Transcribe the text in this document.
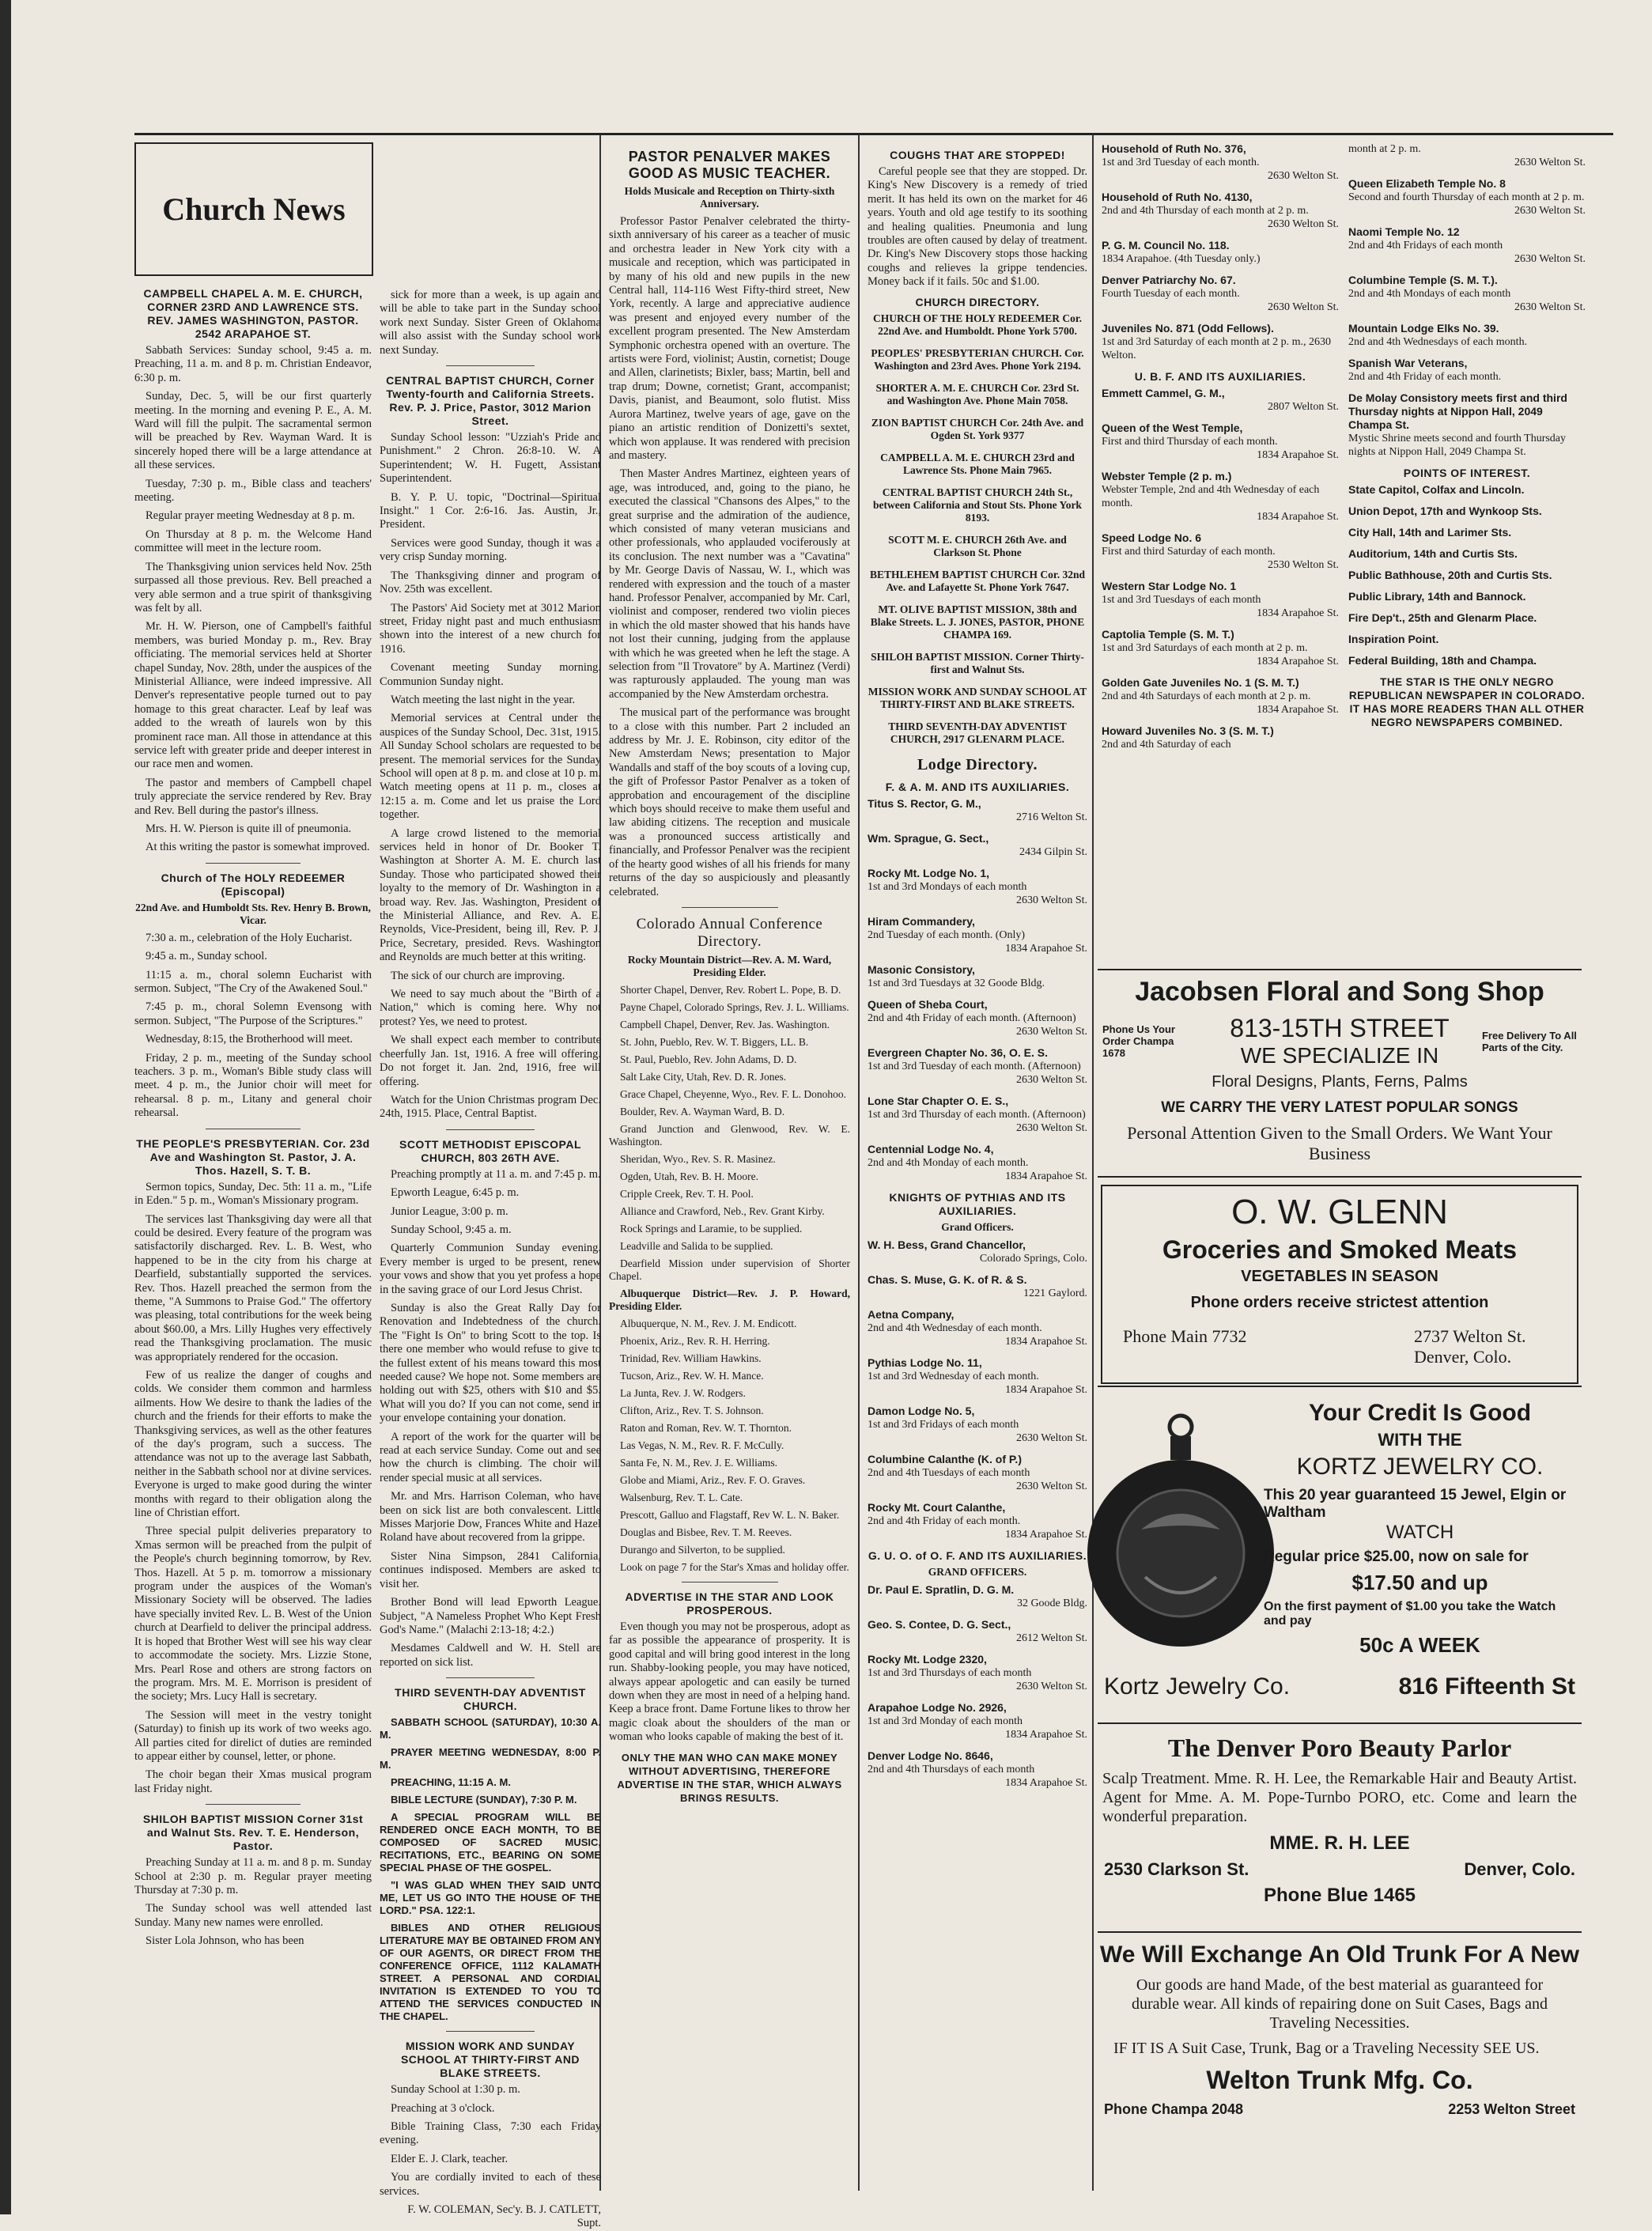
Church News
CAMPBELL CHAPEL A. M. E. CHURCH, CORNER 23RD AND LAWRENCE STS. REV. JAMES WASHINGTON, PASTOR. 2542 ARAPAHOE ST.

Sabbath Services: Sunday school, 9:45 a. m. Preaching, 11 a. m. and 8 p. m. Christian Endeavor, 6:30 p. m.

Sunday, Dec. 5, will be our first quarterly meeting. In the morning and evening P. E., A. M. Ward will fill the pulpit. The sacramental sermon will be preached by Rev. Wayman Ward. It is sincerely hoped there will be a large attendance at all these services.

Tuesday, 7:30 p. m., Bible class and teachers' meeting.

Regular prayer meeting Wednesday at 8 p. m.

On Thursday at 8 p. m. the Welcome Hand committee will meet in the lecture room.

The Thanksgiving union services held Nov. 25th surpassed all those previous. Rev. Bell preached a very able sermon and a true spirit of thanksgiving was felt by all.

Mr. H. W. Pierson, one of Campbell's faithful members, was buried Monday p. m., Rev. Bray officiating. The memorial services held at Shorter chapel Sunday, Nov. 28th, under the auspices of the Ministerial Alliance, were indeed impressive. All Denver's representative people turned out to pay homage to this great character. Leaf by leaf was added to the wreath of laurels won by this prominent race man. All those in attendance at this service left with greater pride and deeper interest in our race men and women.

The pastor and members of Campbell chapel truly appreciate the service rendered by Rev. Bray and Rev. Bell during the pastor's illness.

Mrs. H. W. Pierson is quite ill of pneumonia.

At this writing the pastor is somewhat improved.

Church of The HOLY REDEEMER (Episcopal)
22nd Ave. and Humboldt Sts. Rev. Henry B. Brown, Vicar.

7:30 a. m., celebration of the Holy Eucharist.

9:45 a. m., Sunday school.

11:15 a. m., choral solemn Eucharist with sermon. Subject, "The Cry of the Awakened Soul."

7:45 p. m., choral Solemn Evensong with sermon. Subject, "The Purpose of the Scriptures."

Wednesday, 8:15, the Brotherhood will meet.

Friday, 2 p. m., meeting of the Sunday school teachers. 3 p. m., Woman's Bible study class will meet. 4 p. m., the Junior choir will meet for rehearsal. 8 p. m., Litany and general choir rehearsal.

THE PEOPLE'S PRESBYTERIAN. Cor. 23d Ave and Washington St. Pastor, J. A. Thos. Hazell, S. T. B.

Sermon topics, Sunday, Dec. 5th: 11 a. m., "Life in Eden." 5 p. m., Woman's Missionary program.

The services last Thanksgiving day were all that could be desired. Every feature of the program was satisfactorily discharged. Rev. L. B. West, who happened to be in the city from his charge at Dearfield, substantially supported the services. Rev. Thos. Hazell preached the sermon from the theme, "A Summons to Praise God." The offertory was pleasing, total contributions for the week being about $60.00, a Mrs. Lilly Hughes very effectively read the Thanksgiving proclamation. The music was appropriately rendered for the occasion.

Few of us realize the danger of coughs and colds. We consider them common and harmless ailments. How We desire to thank the ladies of the church and the friends for their efforts to make the Thanksgiving services, as well as the other features of the day's program, such a success. The attendance was not up to the average last Sabbath, neither in the Sabbath school nor at divine services. Everyone is urged to make good during the winter months with regard to their obligation along the line of Christian effort.

Three special pulpit deliveries preparatory to Xmas sermon will be preached from the pulpit of the People's church beginning tomorrow, by Rev. Thos. Hazell. At 5 p. m. tomorrow a missionary program under the auspices of the Woman's Missionary Society will be observed. The ladies have specially invited Rev. L. B. West of the Union church at Dearfield to deliver the principal address. It is hoped that Brother West will see his way clear to accommodate the society. Mrs. Lizzie Stone, Mrs. Pearl Rose and others are strong factors on the program. Mrs. M. E. Morrison is president of the society; Mrs. Lucy Hall is secretary.

The Session will meet in the vestry tonight (Saturday) to finish up its work of two weeks ago. All parties cited for direlict of duties are reminded to appear either by counsel, letter, or phone.

The choir began their Xmas musical program last Friday night.

SHILOH BAPTIST MISSION Corner 31st and Walnut Sts. Rev. T. E. Henderson, Pastor.

Preaching Sunday at 11 a. m. and 8 p. m. Sunday School at 2:30 p. m. Regular prayer meeting Thursday at 7:30 p. m.

The Sunday school was well attended last Sunday. Many new names were enrolled.

Sister Lola Johnson, who has been

sick for more than a week, is up again and will be able to take part in the Sunday school work next Sunday. Sister Green of Oklahoma will also assist with the Sunday school work next Sunday.

CENTRAL BAPTIST CHURCH, Corner Twenty-fourth and California Streets. Rev. P. J. Price, Pastor, 3012 Marion Street.

Sunday School lesson: "Uzziah's Pride and Punishment." 2 Chron. 26:8-10. W. A Superintendent; W. H. Fugett, Assistant Superintendent.

B. Y. P. U. topic, "Doctrinal—Spiritual Insight." 1 Cor. 2:6-16. Jas. Austin, Jr., President.

Services were good Sunday, though it was a very crisp Sunday morning.

The Thanksgiving dinner and program of Nov. 25th was excellent.

The Pastors' Aid Society met at 3012 Marion street, Friday night past and much enthusiasm shown into the interest of a new church for 1916.

Covenant meeting Sunday morning. Communion Sunday night.

Watch meeting the last night in the year.

Memorial services at Central under the auspices of the Sunday School, Dec. 31st, 1915. All Sunday School scholars are requested to be present. The memorial services for the Sunday School will open at 8 p. m. and close at 10 p. m. Watch meeting opens at 11 p. m., closes at 12:15 a. m. Come and let us praise the Lord together.

A large crowd listened to the memorial services held in honor of Dr. Booker T. Washington at Shorter A. M. E. church last Sunday. Those who participated showed their loyalty to the memory of Dr. Washington in a broad way. Rev. Jas. Washington, President of the Ministerial Alliance, and Rev. A. E. Reynolds, Vice-President, being ill, Rev. P. J. Price, Secretary, presided. Revs. Washington and Reynolds are much better at this writing.

The sick of our church are improving.

We need to say much about the "Birth of a Nation," which is coming here. Why not protest? Yes, we need to protest.

We shall expect each member to contribute cheerfully Jan. 1st, 1916. A free will offering. Do not forget it. Jan. 2nd, 1916, free will offering.

Watch for the Union Christmas program Dec. 24th, 1915. Place, Central Baptist.

SCOTT METHODIST EPISCOPAL CHURCH, 803 26TH AVE.

Preaching promptly at 11 a. m. and 7:45 p. m.

Epworth League, 6:45 p. m.

Junior League, 3:00 p. m.

Sunday School, 9:45 a. m.

Quarterly Communion Sunday evening. Every member is urged to be present, renew your vows and show that you yet profess a hope in the saving grace of our Lord Jesus Christ.

Sunday is also the Great Rally Day for Renovation and Indebtedness of the church. The "Fight Is On" to bring Scott to the top. Is there one member who would refuse to give to the fullest extent of his means toward this most needed cause? We hope not. Some members are holding out with $25, others with $10 and $5. What will you do? If you can not come, send in your envelope containing your donation.

A report of the work for the quarter will be read at each service Sunday. Come out and see how the church is climbing. The choir will render special music at all services.

Mr. and Mrs. Harrison Coleman, who have been on sick list are both convalescent. Little Misses Marjorie Dow, Frances White and Hazel Roland have about recovered from la grippe.

Sister Nina Simpson, 2841 California, continues indisposed. Members are asked to visit her.

Brother Bond will lead Epworth League. Subject, "A Nameless Prophet Who Kept Fresh God's Name." (Malachi 2:13-18; 4:2.)

Mesdames Caldwell and W. H. Stell are reported on sick list.

THIRD SEVENTH-DAY ADVENTIST CHURCH.

SABBATH SCHOOL (SATURDAY), 10:30 A. M.

PRAYER MEETING WEDNESDAY, 8:00 P. M.

PREACHING, 11:15 A. M.

BIBLE LECTURE (SUNDAY), 7:30 P. M.

A SPECIAL PROGRAM WILL BE RENDERED ONCE EACH MONTH, TO BE COMPOSED OF SACRED MUSIC, RECITATIONS, ETC., BEARING ON SOME SPECIAL PHASE OF THE GOSPEL.

"I WAS GLAD WHEN THEY SAID UNTO ME, LET US GO INTO THE HOUSE OF THE LORD." PSA. 122:1.

BIBLES AND OTHER RELIGIOUS LITERATURE MAY BE OBTAINED FROM ANY OF OUR AGENTS, OR DIRECT FROM THE CONFERENCE OFFICE, 1112 KALAMATH STREET. A PERSONAL AND CORDIAL INVITATION IS EXTENDED TO YOU TO ATTEND THE SERVICES CONDUCTED IN THE CHAPEL.

MISSION WORK AND SUNDAY SCHOOL AT THIRTY-FIRST AND BLAKE STREETS.

Sunday School at 1:30 p. m.

Preaching at 3 o'clock.

Bible Training Class, 7:30 each Friday evening.

Elder E. J. Clark, teacher.

You are cordially invited to each of these services.

F. W. COLEMAN, Sec'y. B. J. CATLETT, Supt.

PASTOR PENALVER MAKES GOOD AS MUSIC TEACHER.
Holds Musicale and Reception on Thirty-sixth Anniversary.

Professor Pastor Penalver celebrated the thirty-sixth anniversary of his career as a teacher of music and orchestra leader in New York city with a musicale and reception, which was participated in by many of his old and new pupils in the new Central hall, 114-116 West Fifty-third street, New York, recently. A large and appreciative audience was present and enjoyed every number of the excellent program presented. The New Amsterdam Symphonic orchestra opened with an overture. The artists were Ford, violinist; Austin, cornetist; Douge and Allen, clarinetists; Bixler, bass; Martin, bell and trap drum; Downe, cornetist; Grant, accompanist; Davis, pianist, and Beaumont, solo flutist. Miss Aurora Martinez, twelve years of age, gave on the piano an artistic rendition of Donizetti's sextet, which won applause. It was rendered with precision and mastery.

Then Master Andres Martinez, eighteen years of age, was introduced, and, going to the piano, he executed the classical "Chansons des Alpes," to the great surprise and the admiration of the audience, which consisted of many veteran musicians and other professionals, who applauded vociferously at its conclusion. The next number was a "Cavatina" by Mr. George Davis of Nassau, W. I., which was rendered with expression and the touch of a master hand. Professor Penalver, accompanied by Mr. Carl, violinist and composer, rendered two violin pieces in which the old master showed that his hands have not lost their cunning, judging from the applause with which he was greeted when he left the stage. A selection from "Il Trovatore" by A. Martinez (Verdi) was rapturously applauded. The young man was accompanied by the New Amsterdam orchestra.

The musical part of the performance was brought to a close with this number. Part 2 included an address by Mr. J. E. Robinson, city editor of the New Amsterdam News; presentation to Major Wandalls and staff of the boy scouts of a loving cup, the gift of Professor Pastor Penalver as a token of approbation and encouragement of the discipline which boys should receive to make them useful and law abiding citizens. The reception and musicale was a pronounced success artistically and financially, and Professor Penalver was the recipient of the hearty good wishes of all his friends for many returns of the day so auspiciously and pleasantly celebrated.

Colorado Annual Conference Directory.
Rocky Mountain District—Rev. A. M. Ward, Presiding Elder.

Shorter Chapel, Denver, Rev. Robert L. Pope, B. D.

Payne Chapel, Colorado Springs, Rev. J. L. Williams.

Campbell Chapel, Denver, Rev. Jas. Washington.

St. John, Pueblo, Rev. W. T. Biggers, LL. B.

St. Paul, Pueblo, Rev. John Adams, D. D.

Salt Lake City, Utah, Rev. D. R. Jones.

Grace Chapel, Cheyenne, Wyo., Rev. F. L. Donohoo.

Boulder, Rev. A. Wayman Ward, B. D.

Grand Junction and Glenwood, Rev. W. E. Washington.

Sheridan, Wyo., Rev. S. R. Masinez.

Ogden, Utah, Rev. B. H. Moore.

Cripple Creek, Rev. T. H. Pool.

Alliance and Crawford, Neb., Rev. Grant Kirby.

Rock Springs and Laramie, to be supplied.

Leadville and Salida to be supplied.

Dearfield Mission under supervision of Shorter Chapel.

Albuquerque District—Rev. J. P. Howard, Presiding Elder.

Albuquerque, N. M., Rev. J. M. Endicott.

Phoenix, Ariz., Rev. R. H. Herring.

Trinidad, Rev. William Hawkins.

Tucson, Ariz., Rev. W. H. Mance.

La Junta, Rev. J. W. Rodgers.

Clifton, Ariz., Rev. T. S. Johnson.

Raton and Roman, Rev. W. T. Thornton.

Las Vegas, N. M., Rev. R. F. McCully.

Santa Fe, N. M., Rev. J. E. Williams.

Globe and Miami, Ariz., Rev. F. O. Graves.

Walsenburg, Rev. T. L. Cate.

Prescott, Galluo and Flagstaff, Rev W. L. N. Baker.

Douglas and Bisbee, Rev. T. M. Reeves.

Durango and Silverton, to be supplied.

Look on page 7 for the Star's Xmas and holiday offer.

ADVERTISE IN THE STAR AND LOOK PROSPEROUS.

Even though you may not be prosperous, adopt as far as possible the appearance of prosperity. It is good capital and will bring good interest in the long run. Shabby-looking people, you may have noticed, always appear apologetic and can easily be turned down when they are most in need of a helping hand. Keep a brace front. Dame Fortune likes to throw her magic cloak about the shoulders of the man or woman who looks capable of making the best of it.

ONLY THE MAN WHO CAN MAKE MONEY WITHOUT ADVERTISING, THEREFORE ADVERTISE IN THE STAR, WHICH ALWAYS BRINGS RESULTS.
COUGHS THAT ARE STOPPED!

Careful people see that they are stopped. Dr. King's New Discovery is a remedy of tried merit. It has held its own on the market for 46 years. Youth and old age testify to its soothing and healing qualities. Pneumonia and lung troubles are often caused by delay of treatment. Dr. King's New Discovery stops those hacking coughs and relieves la grippe tendencies. Money back if it fails. 50c and $1.00.

CHURCH DIRECTORY.
CHURCH OF THE HOLY REDEEMER Cor. 22nd Ave. and Humboldt. Phone York 5700.
PEOPLES' PRESBYTERIAN CHURCH. Cor. Washington and 23rd Aves. Phone York 2194.
SHORTER A. M. E. CHURCH Cor. 23rd St. and Washington Ave. Phone Main 7058.
ZION BAPTIST CHURCH Cor. 24th Ave. and Ogden St. York 9377
CAMPBELL A. M. E. CHURCH 23rd and Lawrence Sts. Phone Main 7965.
CENTRAL BAPTIST CHURCH 24th St., between California and Stout Sts. Phone York 8193.
SCOTT M. E. CHURCH 26th Ave. and Clarkson St. Phone
BETHLEHEM BAPTIST CHURCH Cor. 32nd Ave. and Lafayette St. Phone York 7647.
MT. OLIVE BAPTIST MISSION, 38th and Blake Streets. L. J. JONES, PASTOR, PHONE CHAMPA 169.
SHILOH BAPTIST MISSION. Corner Thirty-first and Walnut Sts.
MISSION WORK AND SUNDAY SCHOOL AT THIRTY-FIRST AND BLAKE STREETS.
THIRD SEVENTH-DAY ADVENTIST CHURCH, 2917 GLENARM PLACE.
Lodge Directory.
F. & A. M. AND ITS AUXILIARIES.
Titus S. Rector, G. M.,
2716 Welton St.
Wm. Sprague, G. Sect.,
2434 Gilpin St.
Rocky Mt. Lodge No. 1,
1st and 3rd Mondays of each month
2630 Welton St.
Hiram Commandery,
2nd Tuesday of each month. (Only)
1834 Arapahoe St.
Masonic Consistory,
1st and 3rd Tuesdays at 32 Goode Bldg.
Queen of Sheba Court,
2nd and 4th Friday of each month. (Afternoon)
2630 Welton St.
Evergreen Chapter No. 36, O. E. S.
1st and 3rd Tuesday of each month. (Afternoon)
2630 Welton St.
Lone Star Chapter O. E. S.,
1st and 3rd Thursday of each month. (Afternoon)
2630 Welton St.
Centennial Lodge No. 4,
2nd and 4th Monday of each month.
1834 Arapahoe St.
KNIGHTS OF PYTHIAS AND ITS AUXILIARIES.
Grand Officers.
W. H. Bess, Grand Chancellor,
Colorado Springs, Colo.
Chas. S. Muse, G. K. of R. & S.
1221 Gaylord.
Aetna Company,
2nd and 4th Wednesday of each month.
1834 Arapahoe St.
Pythias Lodge No. 11,
1st and 3rd Wednesday of each month.
1834 Arapahoe St.
Damon Lodge No. 5,
1st and 3rd Fridays of each month
2630 Welton St.
Columbine Calanthe (K. of P.)
2nd and 4th Tuesdays of each month
2630 Welton St.
Rocky Mt. Court Calanthe,
2nd and 4th Friday of each month.
1834 Arapahoe St.
G. U. O. of O. F. AND ITS AUXILIARIES.
GRAND OFFICERS.
Dr. Paul E. Spratlin, D. G. M.
32 Goode Bldg.
Geo. S. Contee, D. G. Sect.,
2612 Welton St.
Rocky Mt. Lodge 2320,
1st and 3rd Thursdays of each month
2630 Welton St.
Arapahoe Lodge No. 2926,
1st and 3rd Monday of each month
1834 Arapahoe St.
Denver Lodge No. 8646,
2nd and 4th Thursdays of each month
1834 Arapahoe St.
Household of Ruth No. 376,
1st and 3rd Tuesday of each month.
2630 Welton St.
Household of Ruth No. 4130,
2nd and 4th Thursday of each month at 2 p. m.
2630 Welton St.
P. G. M. Council No. 118.
1834 Arapahoe. (4th Tuesday only.)
Denver Patriarchy No. 67.
Fourth Tuesday of each month.
2630 Welton St.
Juveniles No. 871 (Odd Fellows).
1st and 3rd Saturday of each month at 2 p. m., 2630 Welton.
U. B. F. AND ITS AUXILIARIES.
Emmett Cammel, G. M.,
2807 Welton St.
Queen of the West Temple,
First and third Thursday of each month.
1834 Arapahoe St.
Webster Temple (2 p. m.)
Webster Temple, 2nd and 4th Wednesday of each month.
1834 Arapahoe St.
Speed Lodge No. 6
First and third Saturday of each month.
2530 Welton St.
Western Star Lodge No. 1
1st and 3rd Tuesdays of each month
1834 Arapahoe St.
Captolia Temple (S. M. T.)
1st and 3rd Saturdays of each month at 2 p. m.
1834 Arapahoe St.
Golden Gate Juveniles No. 1 (S. M. T.)
2nd and 4th Saturdays of each month at 2 p. m.
1834 Arapahoe St.
Howard Juveniles No. 3 (S. M. T.)
2nd and 4th Saturday of each
month at 2 p. m.
2630 Welton St.
Queen Elizabeth Temple No. 8
Second and fourth Thursday of each month at 2 p. m.
2630 Welton St.
Naomi Temple No. 12
2nd and 4th Fridays of each month
2630 Welton St.
Columbine Temple (S. M. T.).
2nd and 4th Mondays of each month
2630 Welton St.
Mountain Lodge Elks No. 39.
2nd and 4th Wednesdays of each month.
Spanish War Veterans,
2nd and 4th Friday of each month.
De Molay Consistory meets first and third Thursday nights at Nippon Hall, 2049 Champa St.
Mystic Shrine meets second and fourth Thursday nights at Nippon Hall, 2049 Champa St.
POINTS OF INTEREST.
State Capitol, Colfax and Lincoln.
Union Depot, 17th and Wynkoop Sts.
City Hall, 14th and Larimer Sts.
Auditorium, 14th and Curtis Sts.
Public Bathhouse, 20th and Curtis Sts.
Public Library, 14th and Bannock.
Fire Dep't., 25th and Glenarm Place.
Inspiration Point.
Federal Building, 18th and Champa.
THE STAR IS THE ONLY NEGRO REPUBLICAN NEWSPAPER IN COLORADO. IT HAS MORE READERS THAN ALL OTHER NEGRO NEWSPAPERS COMBINED.
Jacobsen Floral and Song Shop
Phone Us Your Order Champa 1678
813-15TH STREET
WE SPECIALIZE IN
Free Delivery To All Parts of the City.
Floral Designs, Plants, Ferns, Palms
WE CARRY THE VERY LATEST POPULAR SONGS
Personal Attention Given to the Small Orders. We Want Your Business
O. W. GLENN
Groceries and Smoked Meats
VEGETABLES IN SEASON
Phone orders receive strictest attention
Phone Main 7732	2737 Welton St. Denver, Colo.
Your Credit Is Good
WITH THE
KORTZ JEWELRY CO.
This 20 year guaranteed 15 Jewel, Elgin or Waltham
WATCH
Regular price $25.00, now on sale for
$17.50 and up
On the first payment of $1.00 you take the Watch and pay
50c A WEEK
Kortz Jewelry Co.	816 Fifteenth St
The Denver Poro Beauty Parlor
Scalp Treatment. Mme. R. H. Lee, the Remarkable Hair and Beauty Artist. Agent for Mme. A. M. Pope-Turnbo PORO, etc. Come and learn the wonderful preparation.
MME. R. H. LEE
2530 Clarkson St.	Denver, Colo.
Phone Blue 1465
We Will Exchange An Old Trunk For A New
Our goods are hand Made, of the best material as guaranteed for durable wear. All kinds of repairing done on Suit Cases, Bags and Traveling Necessities.
IF IT IS A Suit Case, Trunk, Bag or a Traveling Necessity SEE US.
Welton Trunk Mfg. Co.
Phone Champa 2048	2253 Welton Street
